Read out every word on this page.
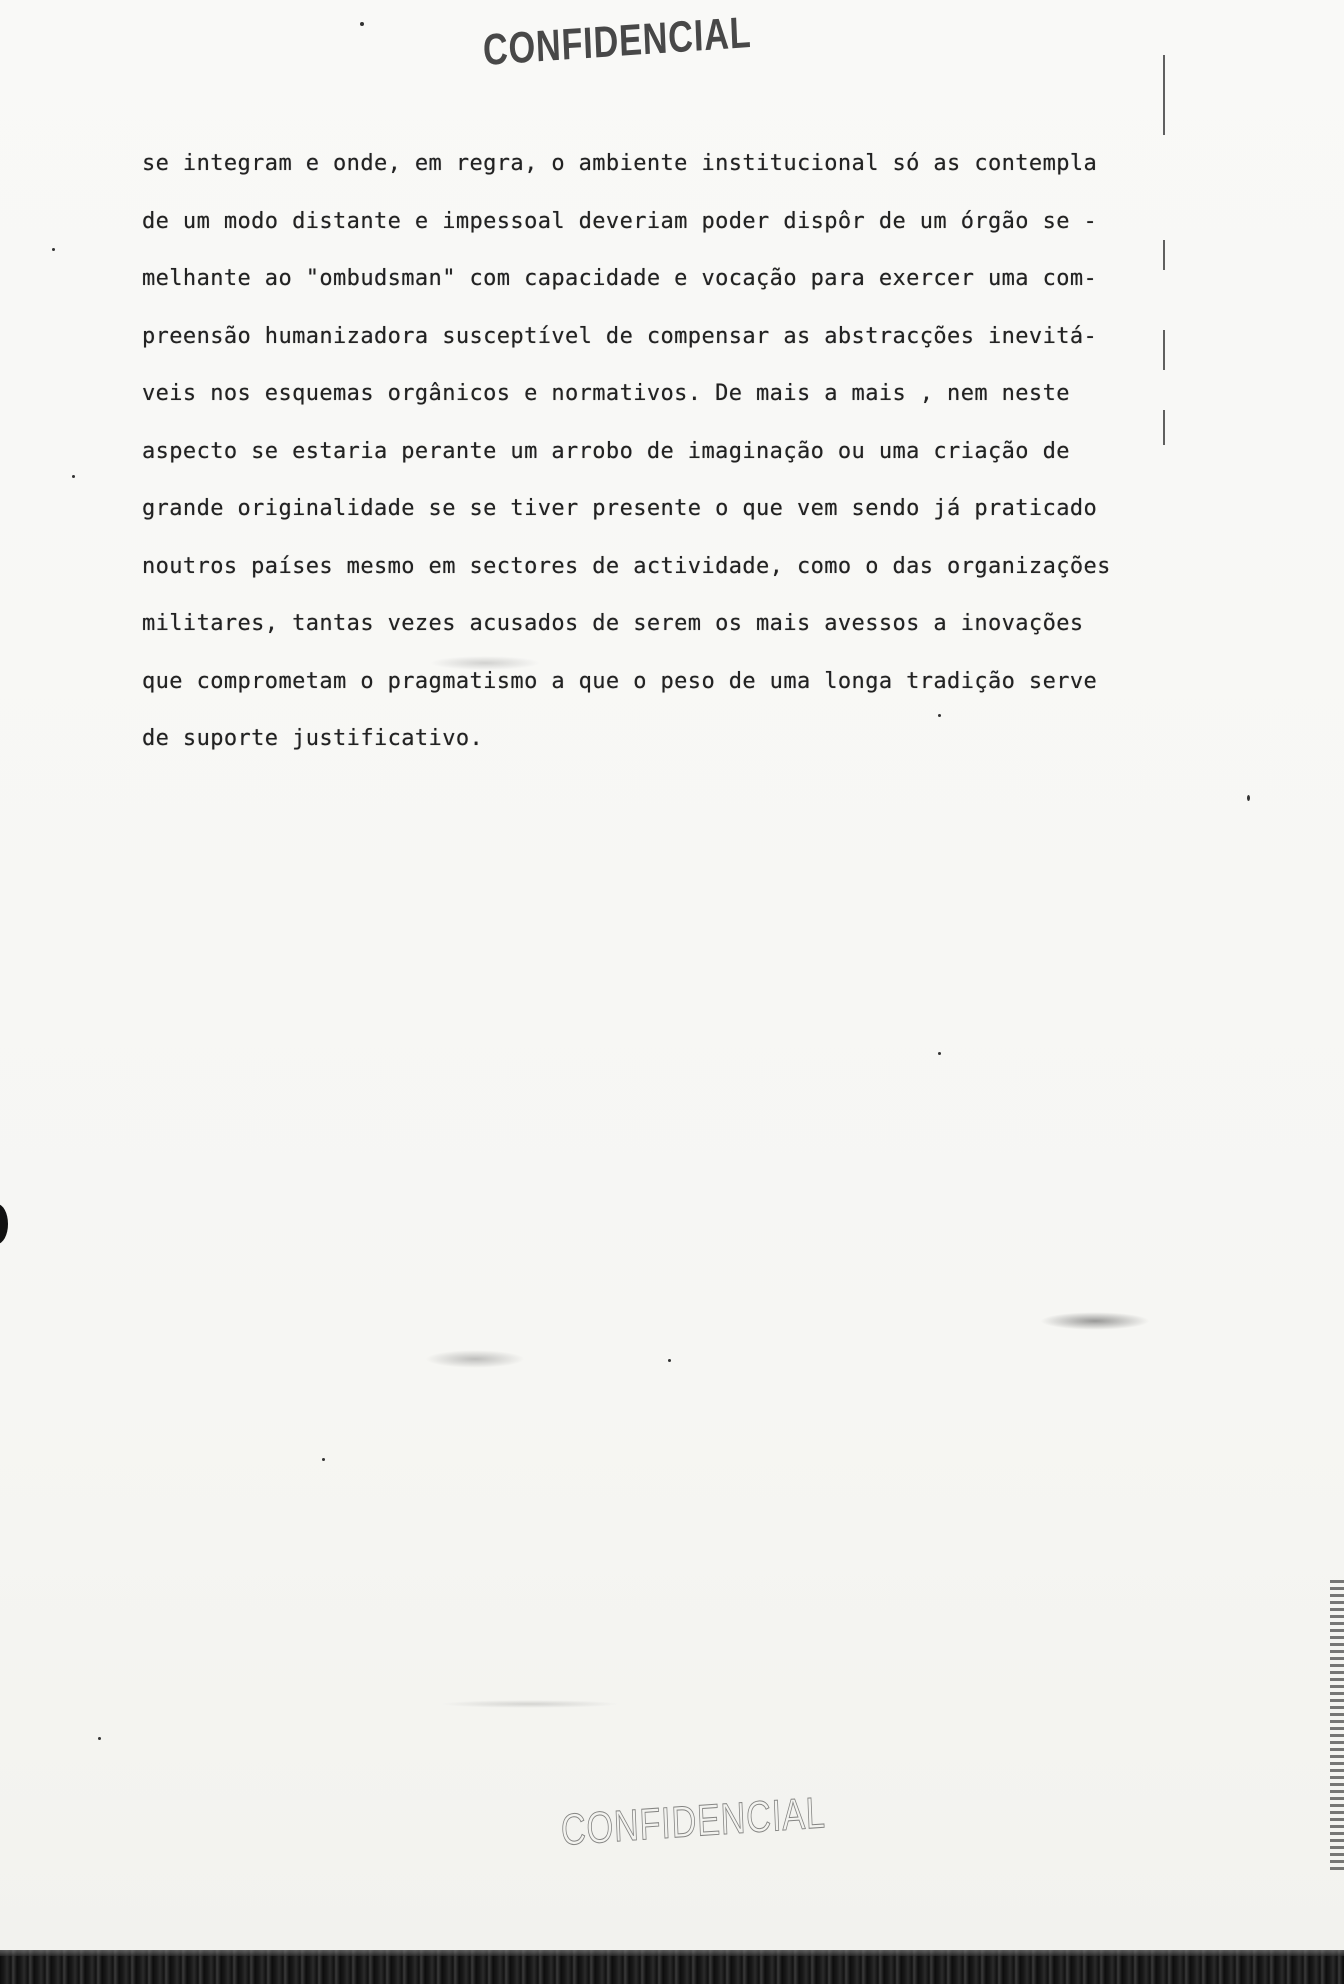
CONFIDENCIAL
se integram e onde, em regra, o ambiente institucional só as contempla
de um modo distante e impessoal deveriam poder dispôr de um órgão se -
melhante ao "ombudsman" com capacidade e vocação para exercer uma com-
preensão humanizadora susceptível de compensar as abstracções inevitá-
veis nos esquemas orgânicos e normativos. De mais a mais , nem neste
aspecto se estaria perante um arrobo de imaginação ou uma criação de
grande originalidade se se tiver presente o que vem sendo já praticado
noutros países mesmo em sectores de actividade, como o das organizações
militares, tantas vezes acusados de serem os mais avessos a inovações
que comprometam o pragmatismo a que o peso de uma longa tradição serve
de suporte justificativo.
CONFIDENCIAL
